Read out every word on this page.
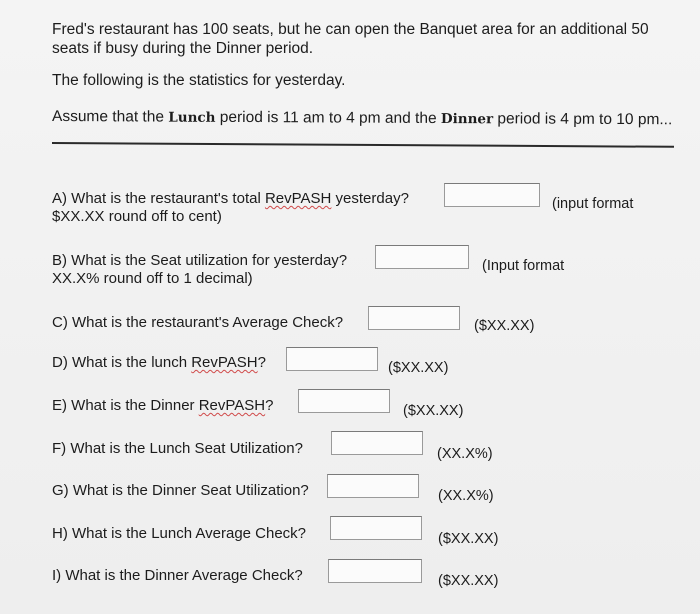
Fred's restaurant has 100 seats, but he can open the Banquet area for an additional 50
seats if busy during the Dinner period.
The following is the statistics for yesterday.
Assume that the Lunch period is 11 am to 4 pm and the Dinner period is 4 pm to 10 pm...
A) What is the restaurant's total RevPASH yesterday?
$XX.XX round off to cent)
(input format
B) What is the Seat utilization for yesterday?
XX.X% round off to 1 decimal)
(Input format
C) What is the restaurant's Average Check?	($XX.XX)
D) What is the lunch RevPASH?	($XX.XX)
E) What is the Dinner RevPASH?	($XX.XX)
F) What is the Lunch Seat Utilization?	(XX.X%)
G) What is the Dinner Seat Utilization?	(XX.X%)
H) What is the Lunch Average Check?	($XX.XX)
I) What is the Dinner Average Check?	($XX.XX)
